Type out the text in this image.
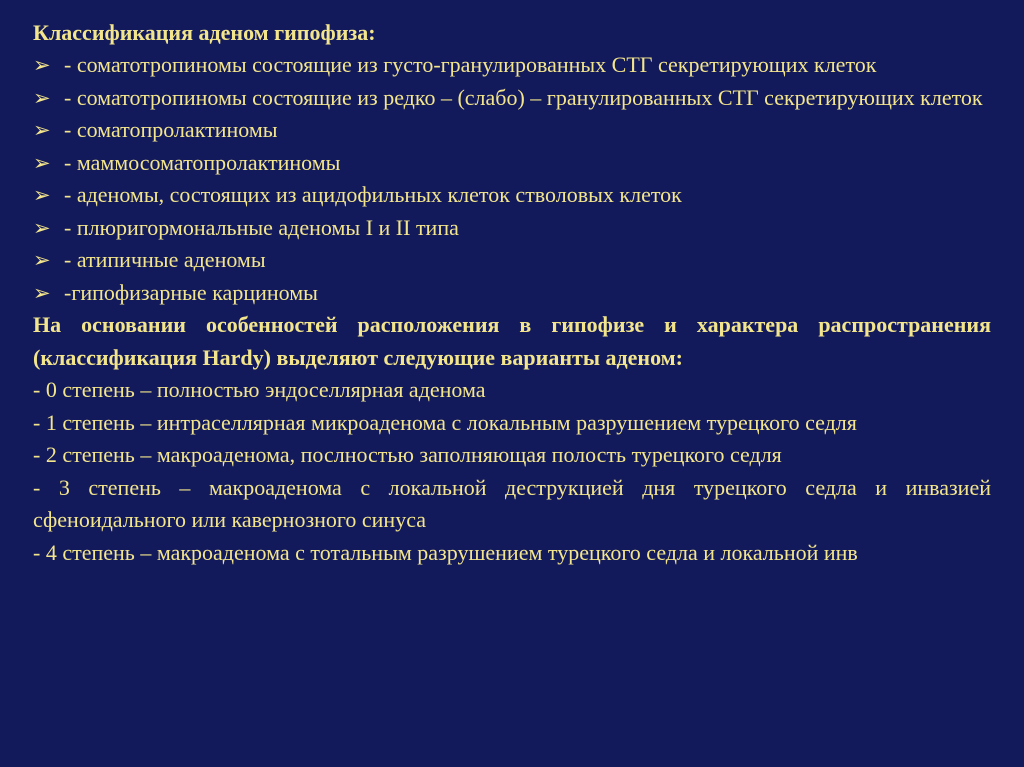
Классификация аденом гипофиза:
➢ - соматотропиномы состоящие из густо-гранулированных СТГ секретирующих клеток
➢ - соматотропиномы состоящие из редко – (слабо) – гранулированных СТГ секретирующих клеток
➢ - соматопролактиномы
➢ - маммосоматопролактиномы
➢ - аденомы, состоящих из ацидофильных клеток стволовых клеток
➢ - плюригормональные аденомы I и II типа
➢ - атипичные аденомы
➢ -гипофизарные карциномы

На основании особенностей расположения в гипофизе и характера распространения (классификация Hardy) выделяют следующие варианты аденом:

- 0 степень – полностью эндоселлярная аденома
- 1 степень – интраселлярная микроаденома с локальным разрушением турецкого седля
- 2 степень – макроаденома, послностью заполняющая полость турецкого седля
- 3 степень – макроаденома с локальной деструкцией дня турецкого седла и инвазией сфеноидального или кавернозного синуса
- 4 степень – макроаденома с тотальным разрушением турецкого седла и локальной инв
